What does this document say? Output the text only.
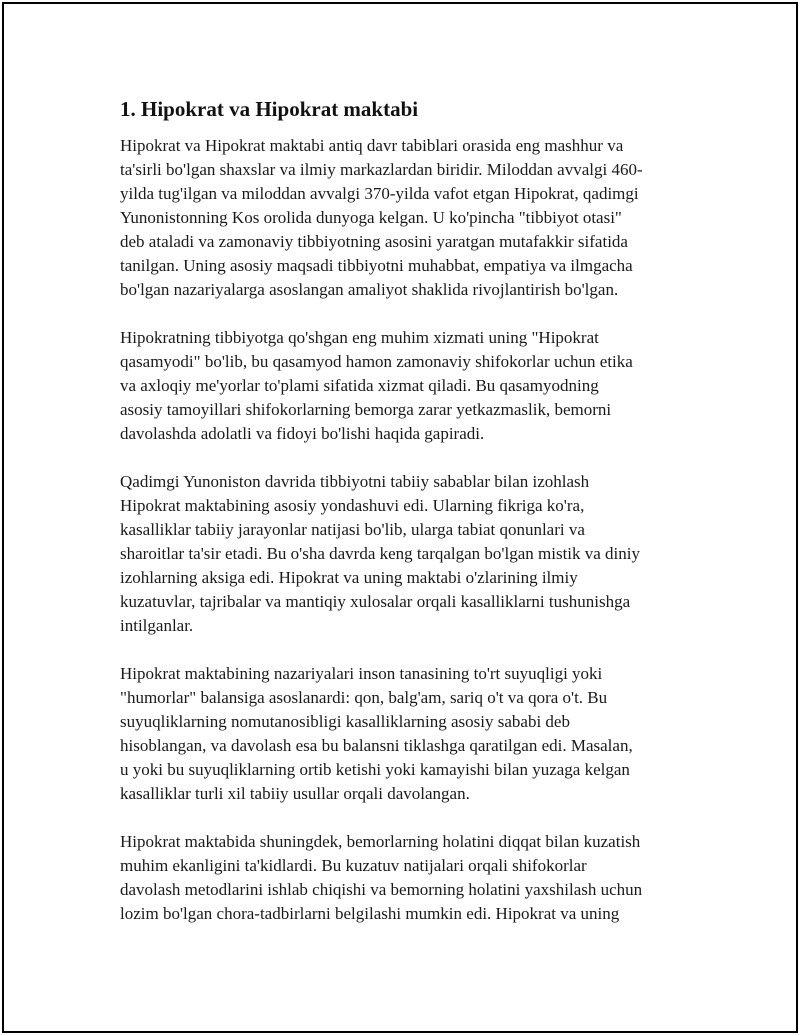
1. Hipokrat va Hipokrat maktabi

Hipokrat va Hipokrat maktabi antiq davr tabiblari orasida eng mashhur va
ta'sirli bo'lgan shaxslar va ilmiy markazlardan biridir. Miloddan avvalgi 460-
yilda tug'ilgan va miloddan avvalgi 370-yilda vafot etgan Hipokrat, qadimgi
Yunonistonning Kos orolida dunyoga kelgan. U ko'pincha "tibbiyot otasi"
deb ataladi va zamonaviy tibbiyotning asosini yaratgan mutafakkir sifatida
tanilgan. Uning asosiy maqsadi tibbiyotni muhabbat, empatiya va ilmgacha
bo'lgan nazariyalarga asoslangan amaliyot shaklida rivojlantirish bo'lgan.

Hipokratning tibbiyotga qo'shgan eng muhim xizmati uning "Hipokrat
qasamyodi" bo'lib, bu qasamyod hamon zamonaviy shifokorlar uchun etika
va axloqiy me'yorlar to'plami sifatida xizmat qiladi. Bu qasamyodning
asosiy tamoyillari shifokorlarning bemorga zarar yetkazmaslik, bemorni
davolashda adolatli va fidoyi bo'lishi haqida gapiradi.

Qadimgi Yunoniston davrida tibbiyotni tabiiy sabablar bilan izohlash
Hipokrat maktabining asosiy yondashuvi edi. Ularning fikriga ko'ra,
kasalliklar tabiiy jarayonlar natijasi bo'lib, ularga tabiat qonunlari va
sharoitlar ta'sir etadi. Bu o'sha davrda keng tarqalgan bo'lgan mistik va diniy
izohlarning aksiga edi. Hipokrat va uning maktabi o'zlarining ilmiy
kuzatuvlar, tajribalar va mantiqiy xulosalar orqali kasalliklarni tushunishga
intilganlar.

Hipokrat maktabining nazariyalari inson tanasining to'rt suyuqligi yoki
"humorlar" balansiga asoslanardi: qon, balg'am, sariq o't va qora o't. Bu
suyuqliklarning nomutanosibligi kasalliklarning asosiy sababi deb
hisoblangan, va davolash esa bu balansni tiklashga qaratilgan edi. Masalan,
u yoki bu suyuqliklarning ortib ketishi yoki kamayishi bilan yuzaga kelgan
kasalliklar turli xil tabiiy usullar orqali davolangan.

Hipokrat maktabida shuningdek, bemorlarning holatini diqqat bilan kuzatish
muhim ekanligini ta'kidlardi. Bu kuzatuv natijalari orqali shifokorlar
davolash metodlarini ishlab chiqishi va bemorning holatini yaxshilash uchun
lozim bo'lgan chora-tadbirlarni belgilashi mumkin edi. Hipokrat va uning
